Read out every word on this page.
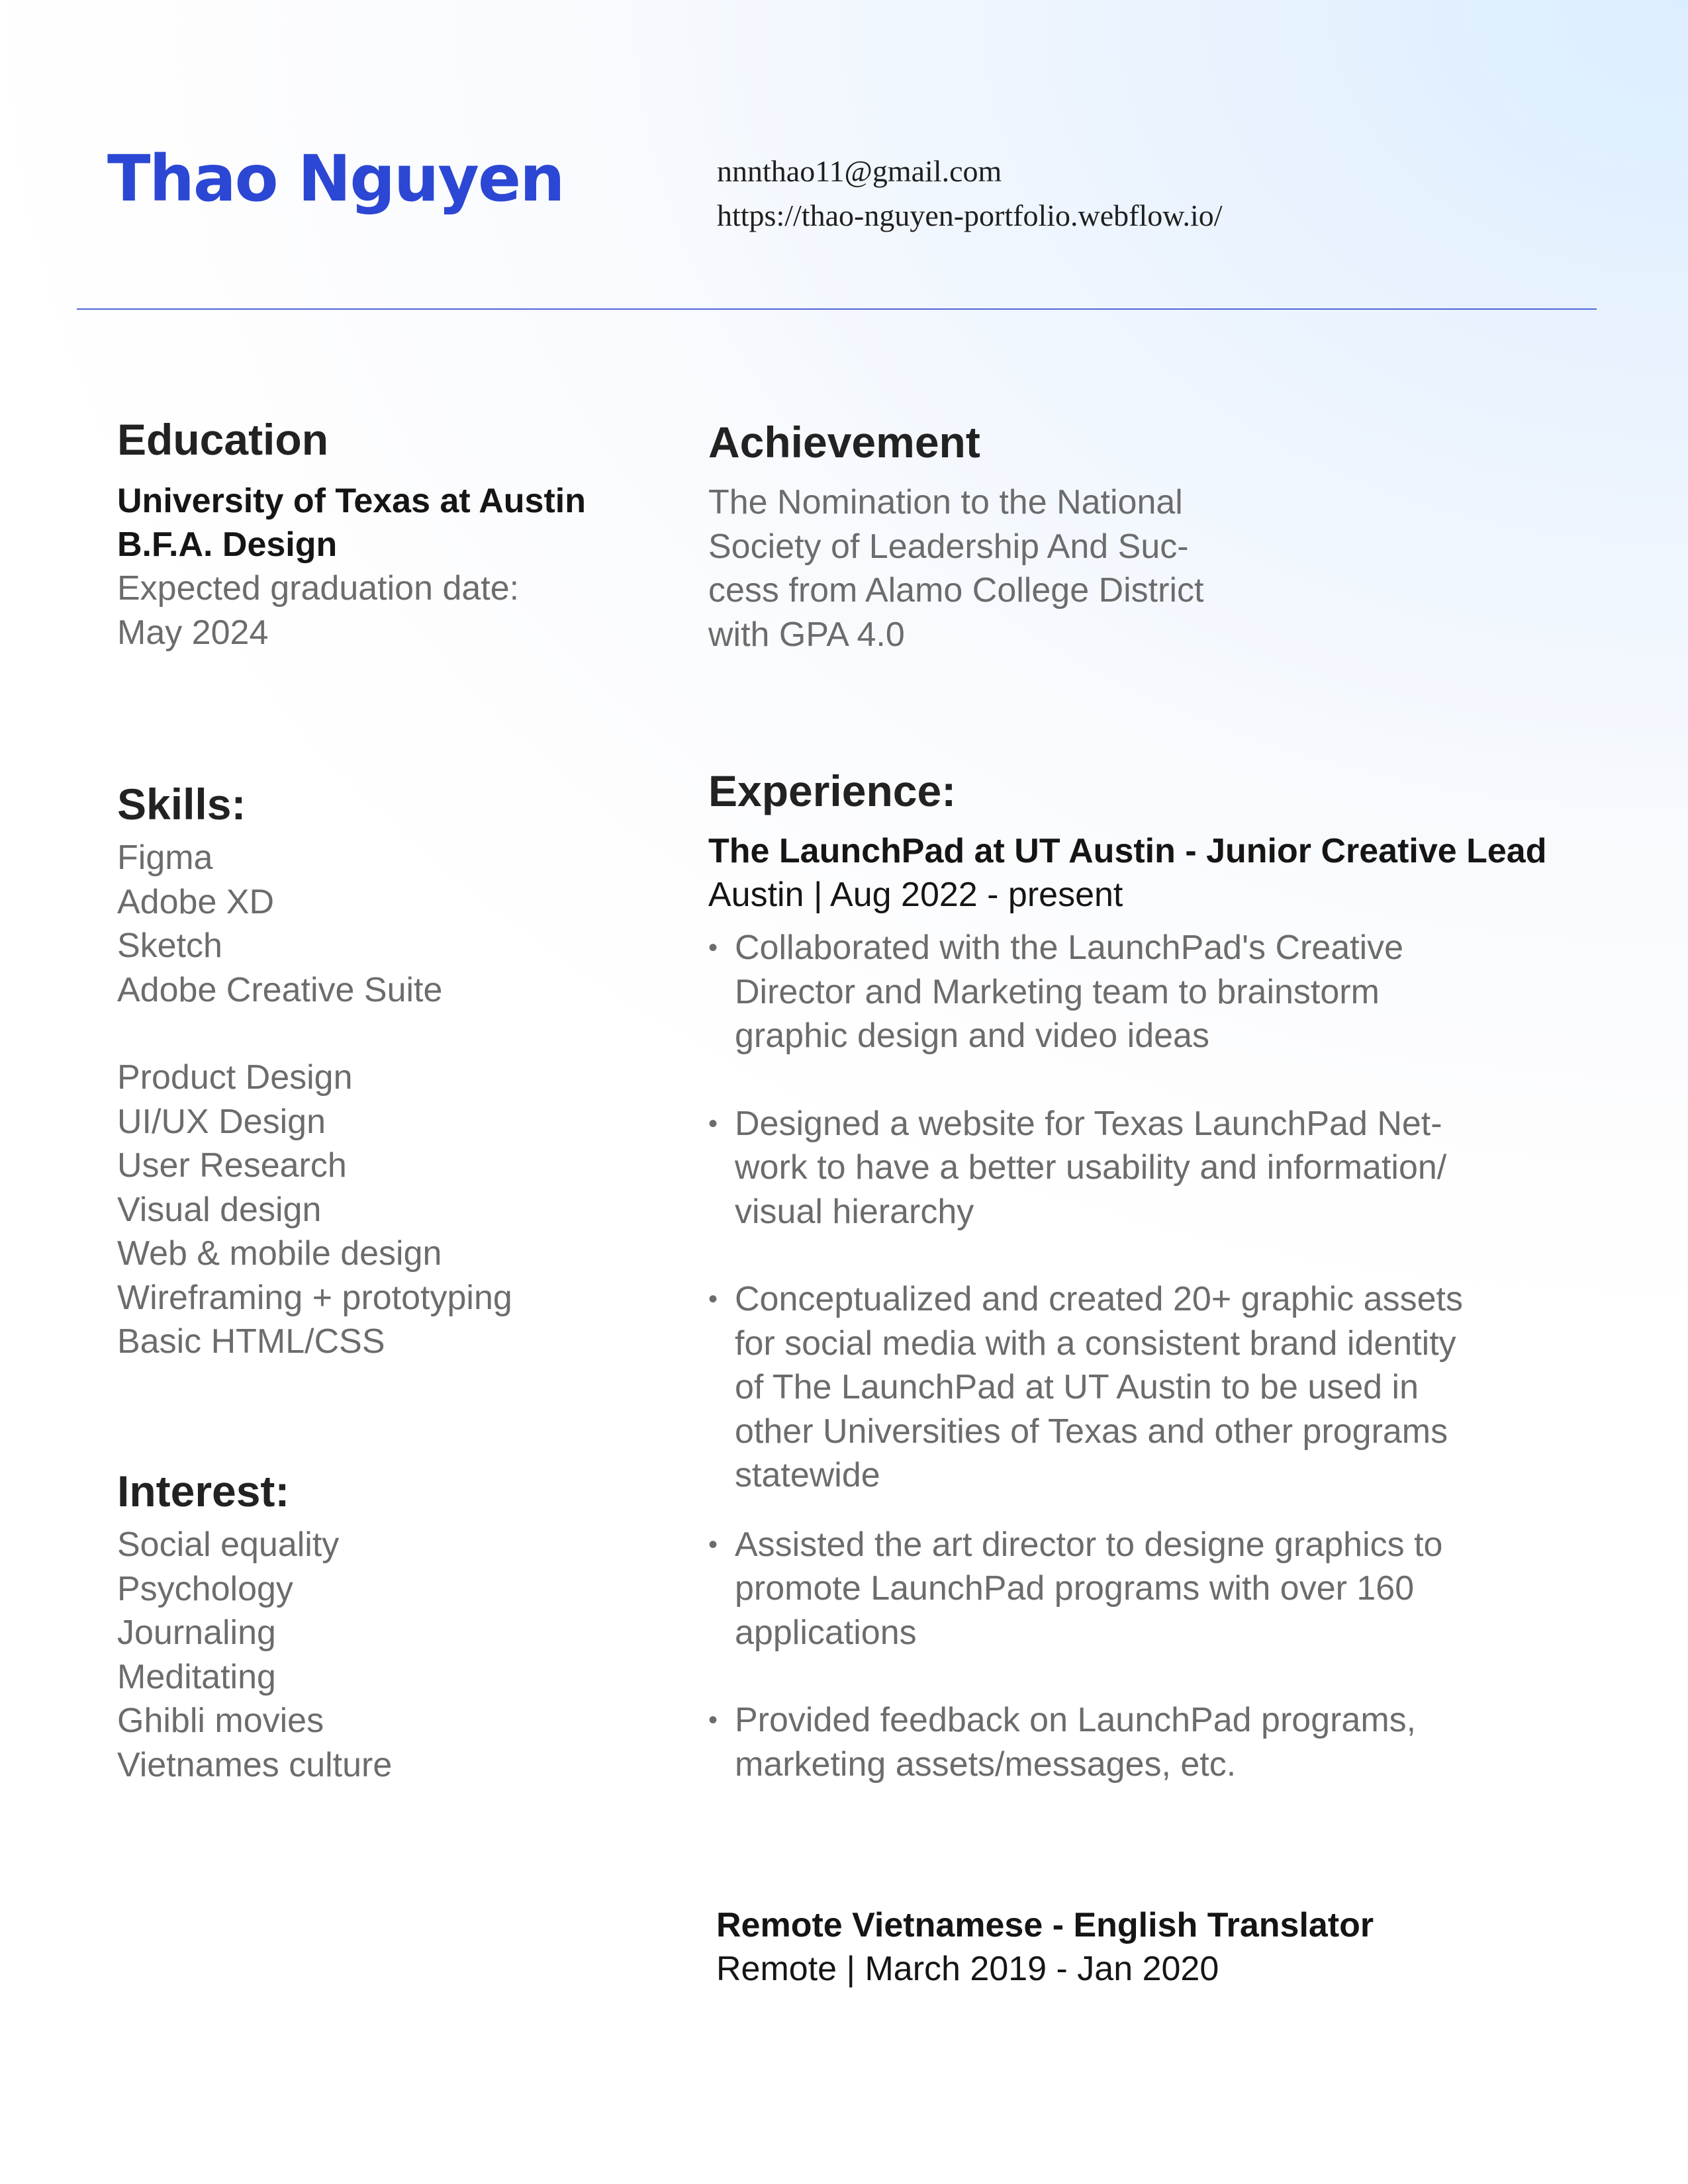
Thao Nguyen	nnnthao11@gmail.com
https://thao-nguyen-portfolio.webflow.io/
Education
University of Texas at Austin
B.F.A. Design
Expected graduation date:
May 2024
Skills:
Figma
Adobe XD
Sketch
Adobe Creative Suite
Product Design
UI/UX Design
User Research
Visual design
Web & mobile design
Wireframing + prototyping
Basic HTML/CSS
Interest:
Social equality
Psychology
Journaling
Meditating
Ghibli movies
Vietnames culture
Achievement
The Nomination to the National
Society of Leadership And Suc-
cess from Alamo College District
with GPA 4.0
Experience:
The LaunchPad at UT Austin - Junior Creative Lead
Austin | Aug 2022 - present
• Collaborated with the LaunchPad's Creative
Director and Marketing team to brainstorm
graphic design and video ideas
• Designed a website for Texas LaunchPad Net-
work to have a better usability and information/
visual hierarchy
• Conceptualized and created 20+ graphic assets
for social media with a consistent brand identity
of The LaunchPad at UT Austin to be used in
other Universities of Texas and other programs
statewide
• Assisted the art director to designe graphics to
promote LaunchPad programs with over 160
applications
• Provided feedback on LaunchPad programs,
marketing assets/messages, etc.
Remote Vietnamese - English Translator
Remote | March 2019 - Jan 2020
